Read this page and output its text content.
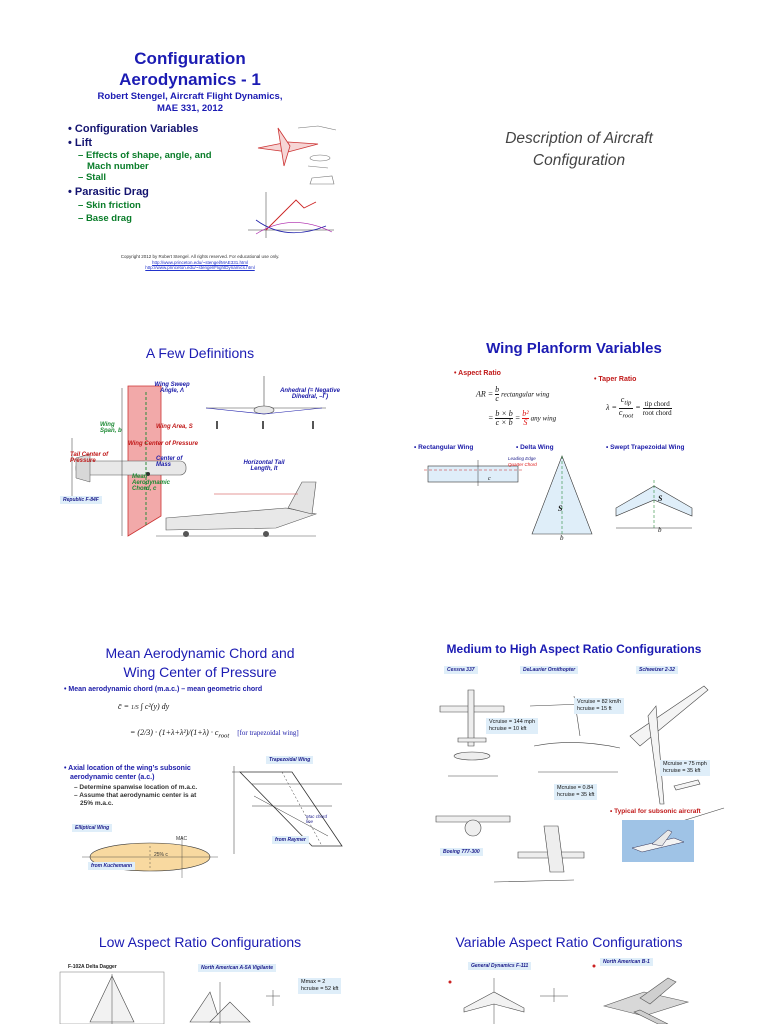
Configuration
Aerodynamics - 1
Robert Stengel, Aircraft Flight Dynamics,
MAE 331, 2012
• Configuration Variables
• Lift
– Effects of shape, angle, and
Mach number
– Stall
• Parasitic Drag
– Skin friction
– Base drag
Copyright 2012 by Robert Stengel. All rights reserved. For educational use only.
http://www.princeton.edu/~stengel/MAE331.html
http://www.princeton.edu/~stengel/FlightDynamics.html
Description of Aircraft
Configuration
A Few Definitions
Wing Sweep Angle, Λ	Anhedral (= Negative Dihedral, –Γ)
Wing Span, b
Wing Area, S
Wing Center of Pressure
Tail Center of Pressure	Center of Mass
Mean Aerodynamic Chord, c
Horizontal Tail Length, lt
Republic F-84F
Wing Planform Variables
• Aspect Ratio
• Taper Ratio
AR = $\frac{b}{c}$ rectangular wing
= $\frac{b \times b}{c \times b} = \frac{\text{b²}}{S}$ any wing
λ =
$c_{tip}$
$c_{root}$
= tip chord
root chord
• Rectangular Wing	• Delta Wing	• Swept Trapezoidal Wing
Leading Edge
Quarter Chord
c
S
b
S
b
Mean Aerodynamic Chord and
Wing Center of Pressure
• Mean aerodynamic chord (m.a.c.) – mean geometric chord
c̄ = 1/S ∫ c²(y) dy
= $(2/3) \cdot (1+\lambda+\lambda^2)/(1+\lambda) \cdot c_{root}$ [for trapezoidal wing]
• Axial location of the wing’s subsonic
aerodynamic center (a.c.)
– Determine spanwise location of m.a.c.
– Assume that aerodynamic center is at
25% m.a.c.
Trapezoidal Wing
Mac chord line
from Raymer
Elliptical Wing
MAC
25% c
from Kuchemann
Medium to High Aspect Ratio Configurations
Cessna 337	DeLaurier Ornithopter	Schweizer 2-32
Vcruise = 144 mph
hcruise = 10 kft
Vcruise = 82 km/h
hcruise = 15 ft
Mcruise = 0.84
hcruise = 35 kft
Mcruise = 75 mph
hcruise = 35 kft
• Typical for subsonic aircraft
Boeing 777-300
Low Aspect Ratio Configurations
F-102A Delta Dagger	North American A-5A Vigilante
Mmax = 2
hcruise = 52 kft
Variable Aspect Ratio Configurations
General Dynamics F-111
North American B-1
